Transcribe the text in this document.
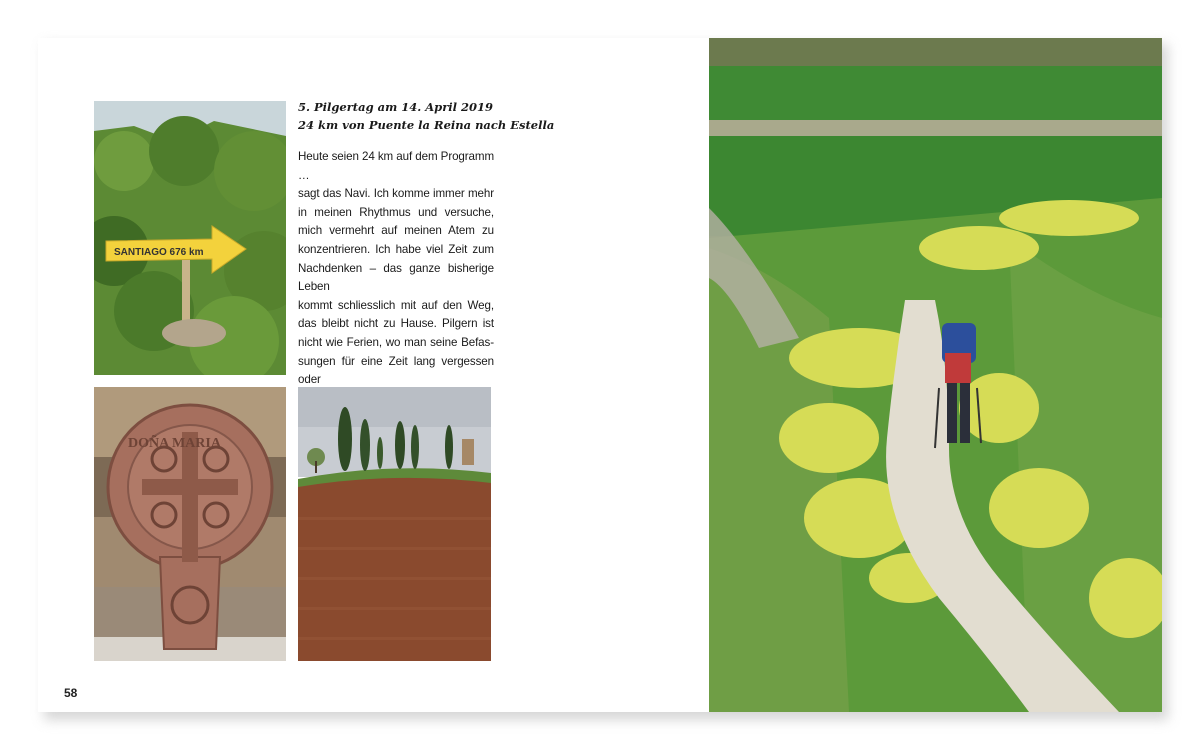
SANTIAGO 676 km
5. Pilgertag am 14. April 2019
24 km von Puente la Reina nach Estella
Heute seien 24 km auf dem Programm …
sagt das Navi. Ich komme immer mehr
in meinen Rhythmus und versuche,
mich vermehrt auf meinen Atem zu
konzentrieren. Ich habe viel Zeit zum
Nachdenken – das ganze bisherige Leben
kommt schliesslich mit auf den Weg,
das bleibt nicht zu Hause. Pilgern ist
nicht wie Ferien, wo man seine Befas-
sungen für eine Zeit lang vergessen oder
DOÑA MARIA
58
